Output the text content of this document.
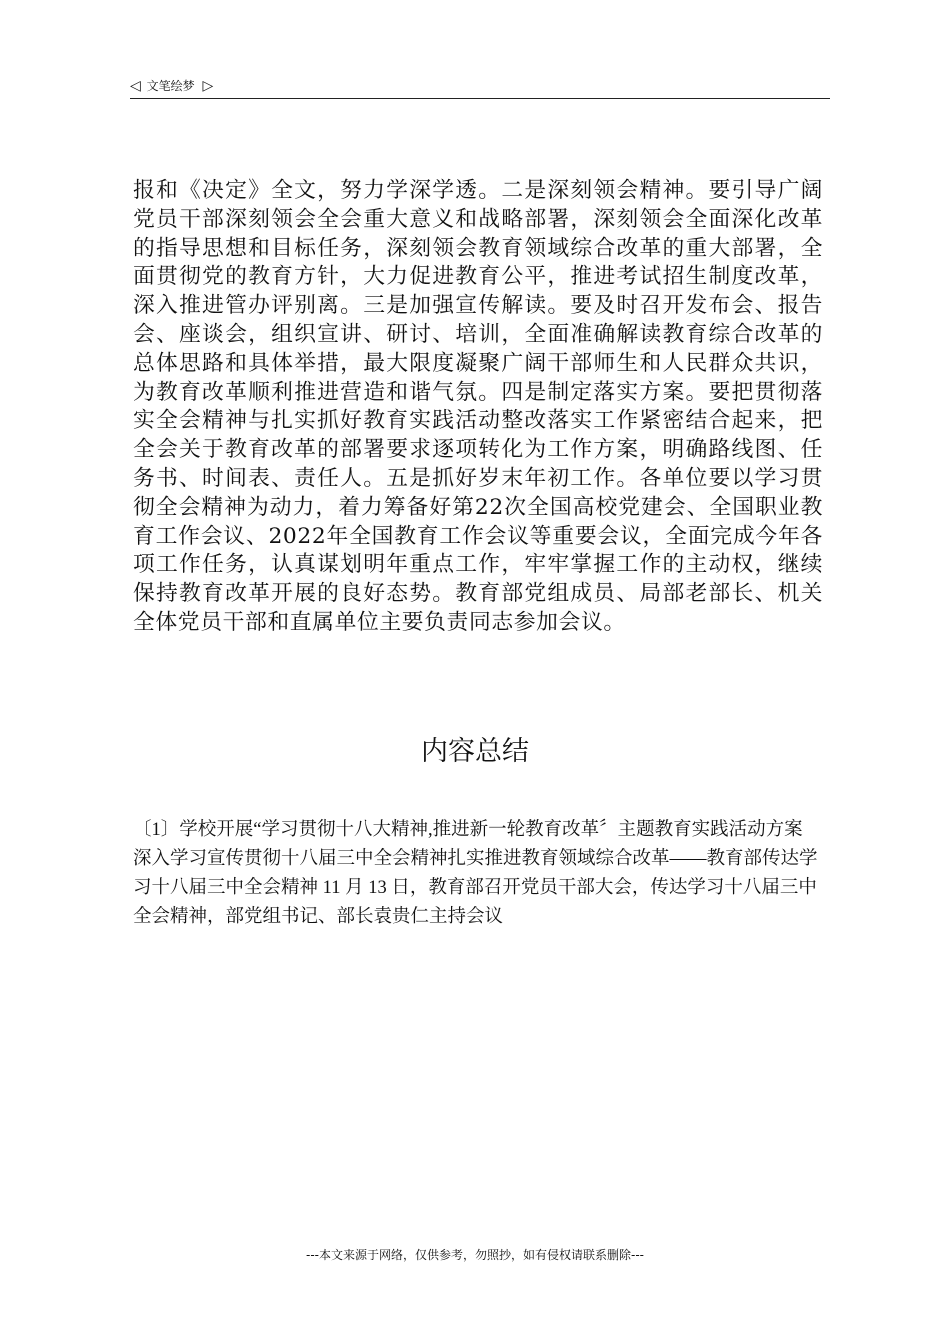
◁ 文笔绘梦 ▷
报和《决定》全文，努力学深学透。二是深刻领会精神。要引导广阔党员干部深刻领会全会重大意义和战略部署，深刻领会全面深化改革的指导思想和目标任务，深刻领会教育领域综合改革的重大部署，全面贯彻党的教育方针，大力促进教育公平，推进考试招生制度改革，深入推进管办评别离。三是加强宣传解读。要及时召开发布会、报告会、座谈会，组织宣讲、研讨、培训，全面准确解读教育综合改革的总体思路和具体举措，最大限度凝聚广阔干部师生和人民群众共识，为教育改革顺利推进营造和谐气氛。四是制定落实方案。要把贯彻落实全会精神与扎实抓好教育实践活动整改落实工作紧密结合起来，把全会关于教育改革的部署要求逐项转化为工作方案，明确路线图、任务书、时间表、责任人。五是抓好岁末年初工作。各单位要以学习贯彻全会精神为动力，着力筹备好第22次全国高校党建会、全国职业教育工作会议、2022年全国教育工作会议等重要会议，全面完成今年各项工作任务，认真谋划明年重点工作，牢牢掌握工作的主动权，继续保持教育改革开展的良好态势。教育部党组成员、局部老部长、机关全体党员干部和直属单位主要负责同志参加会议。
内容总结

〔1〕学校开展“学习贯彻十八大精神,推进新一轮教育改革〞主题教育实践活动方案

深入学习宣传贯彻十八届三中全会精神扎实推进教育领域综合改革——教育部传达学习十八届三中全会精神 11 月 13 日，教育部召开党员干部大会，传达学习十八届三中全会精神，部党组书记、部长袁贵仁主持会议

---本文来源于网络，仅供参考，勿照抄，如有侵权请联系删除---
